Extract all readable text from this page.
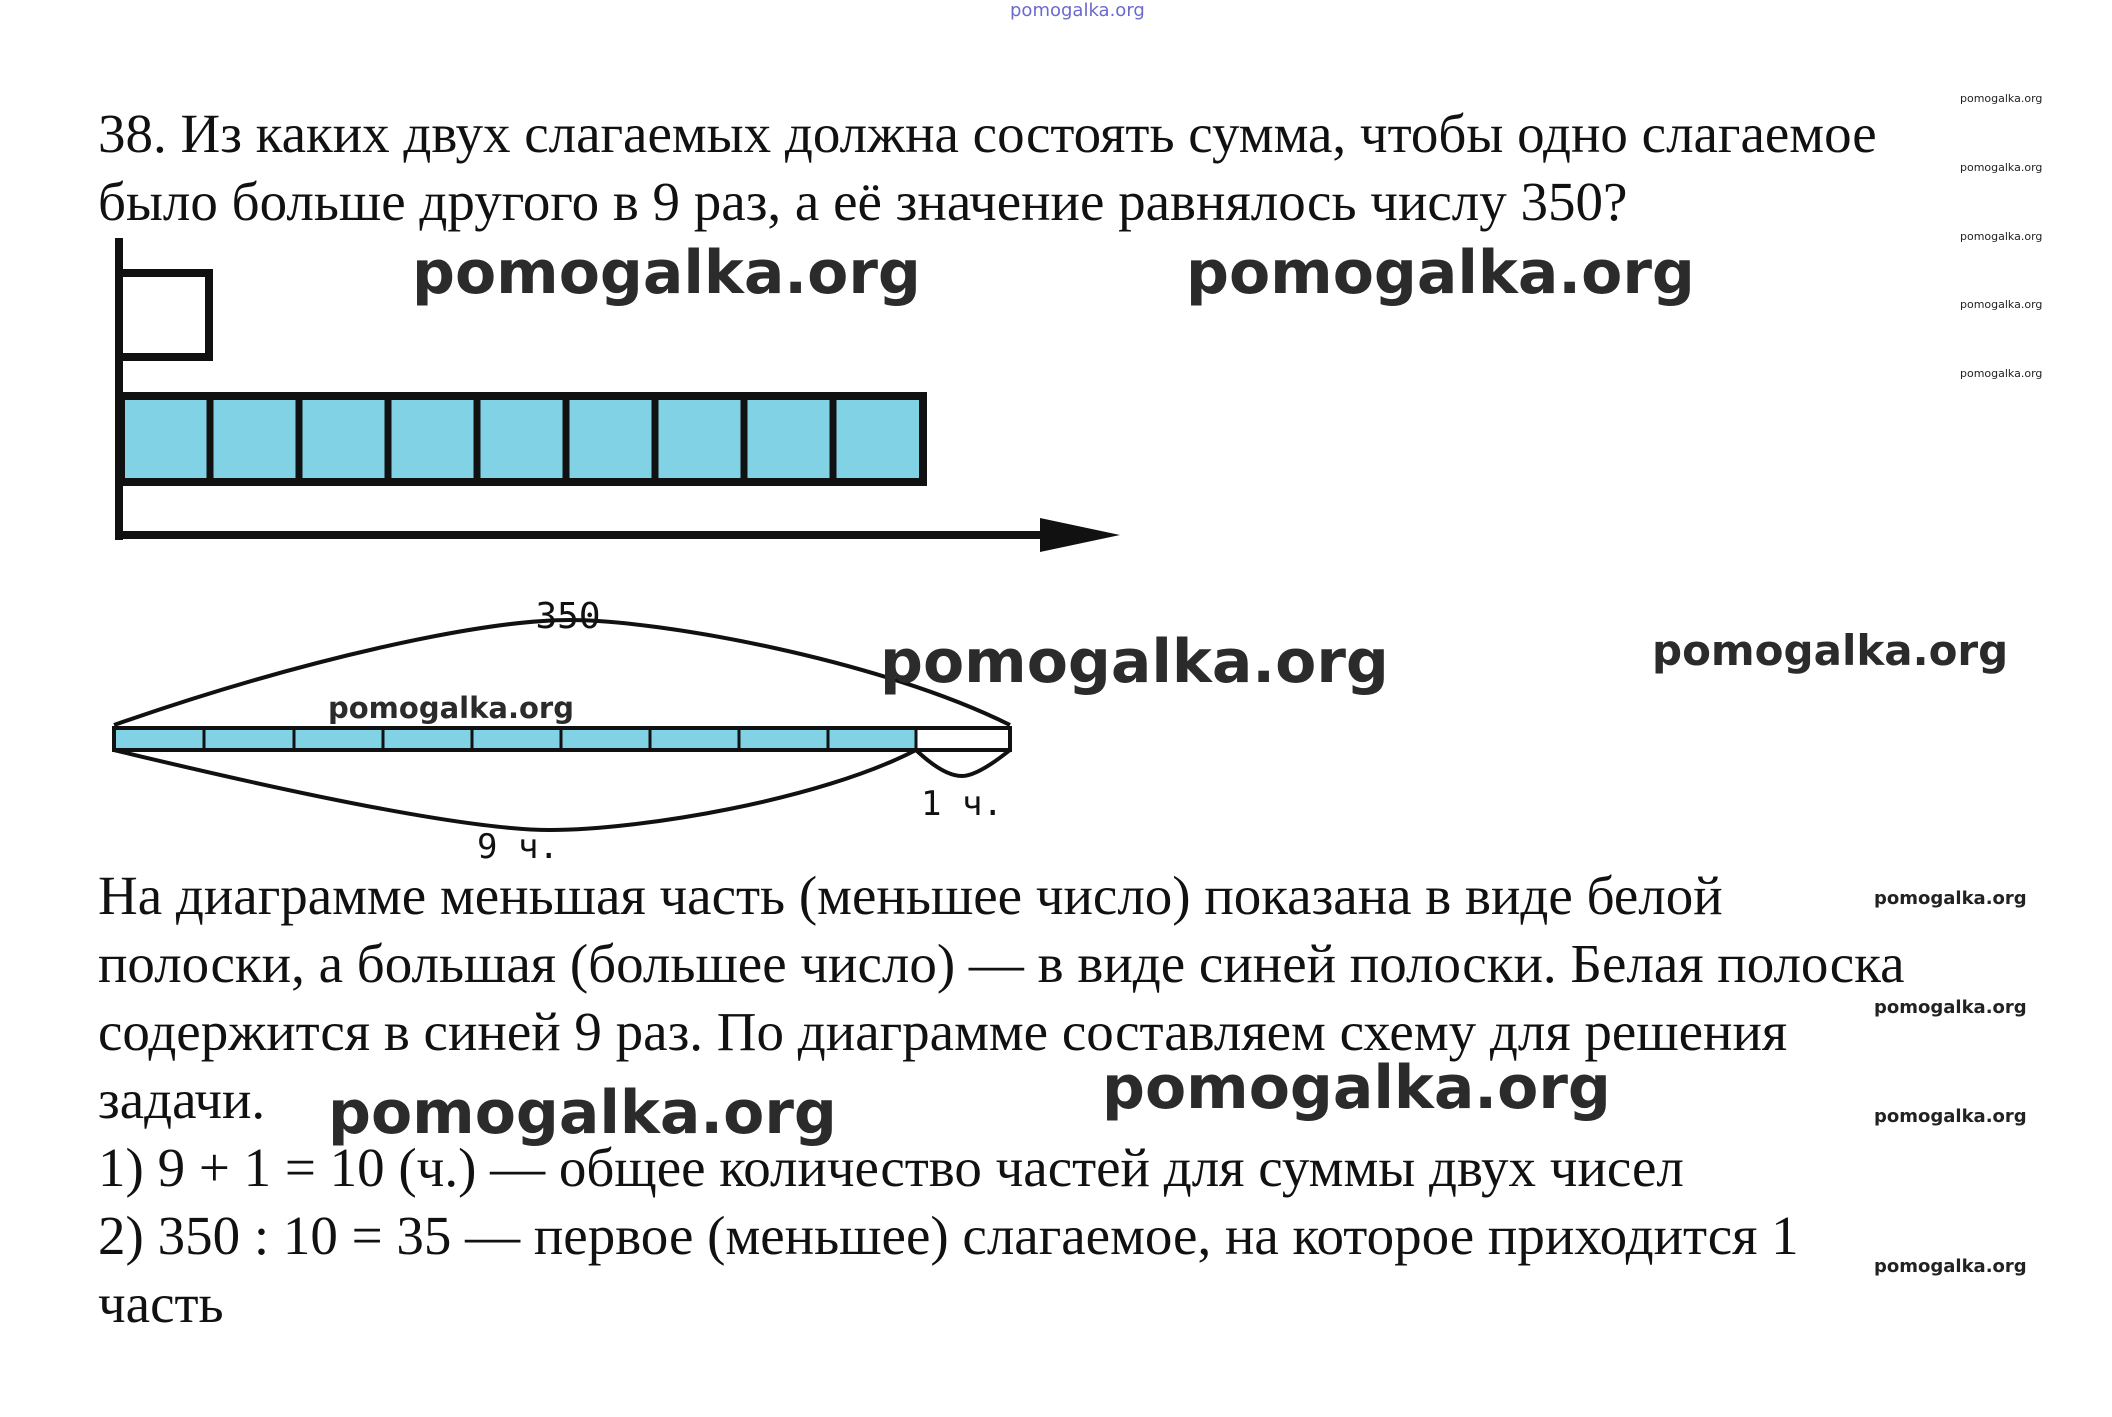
pomogalka.org
38. Из каких двух слагаемых должна состоять сумма, чтобы одно слагаемое
было больше другого в 9 раз, а её значение равнялось числу 350?
350
9 ч.
1 ч.
На диаграмме меньшая часть (меньшее число) показана в виде белой
полоски, а большая (большее число) — в виде синей полоски. Белая полоска
содержится в синей 9 раз. По диаграмме составляем схему для решения
задачи.
1) 9 + 1 = 10 (ч.) — общее количество частей для суммы двух чисел
2) 350 : 10 = 35 — первое (меньшее) слагаемое, на которое приходится 1
часть
pomogalka.org	pomogalka.org
pomogalka.org
pomogalka.org	pomogalka.org
pomogalka.org
pomogalka.org
pomogalka.org
pomogalka.org
pomogalka.org
pomogalka.org
pomogalka.org
pomogalka.org
pomogalka.org
pomogalka.org
pomogalka.org
